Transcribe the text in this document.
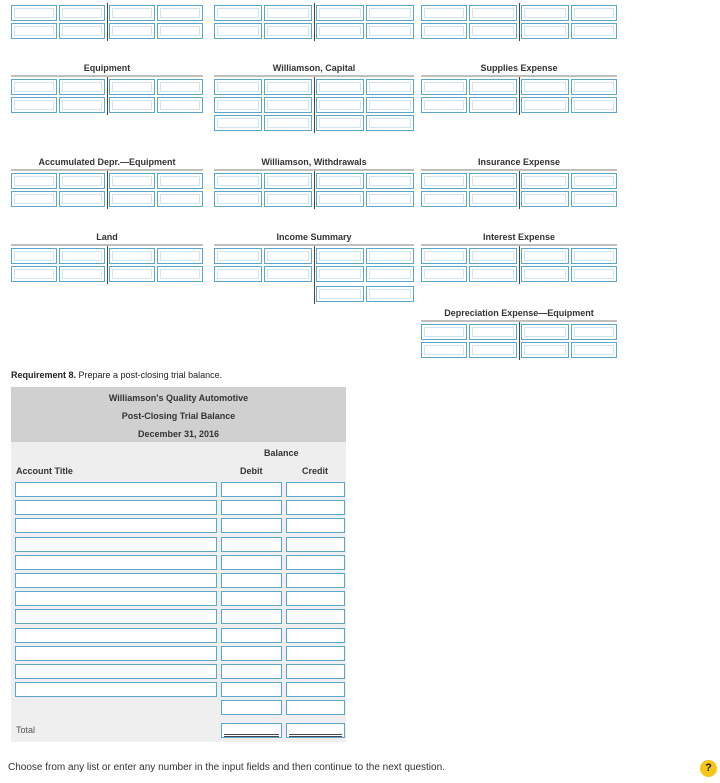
Equipment	Williamson, Capital	Supplies Expense
Accumulated Depr.—Equipment	Williamson, Withdrawals	Insurance Expense
Land	Income Summary	Interest Expense
Depreciation Expense—Equipment
Requirement 8. Prepare a post-closing trial balance.
Williamson's Quality Automotive
Post-Closing Trial Balance
December 31, 2016
Balance
Account Title	Debit	Credit
Total
Choose from any list or enter any number in the input fields and then continue to the next question.	?
